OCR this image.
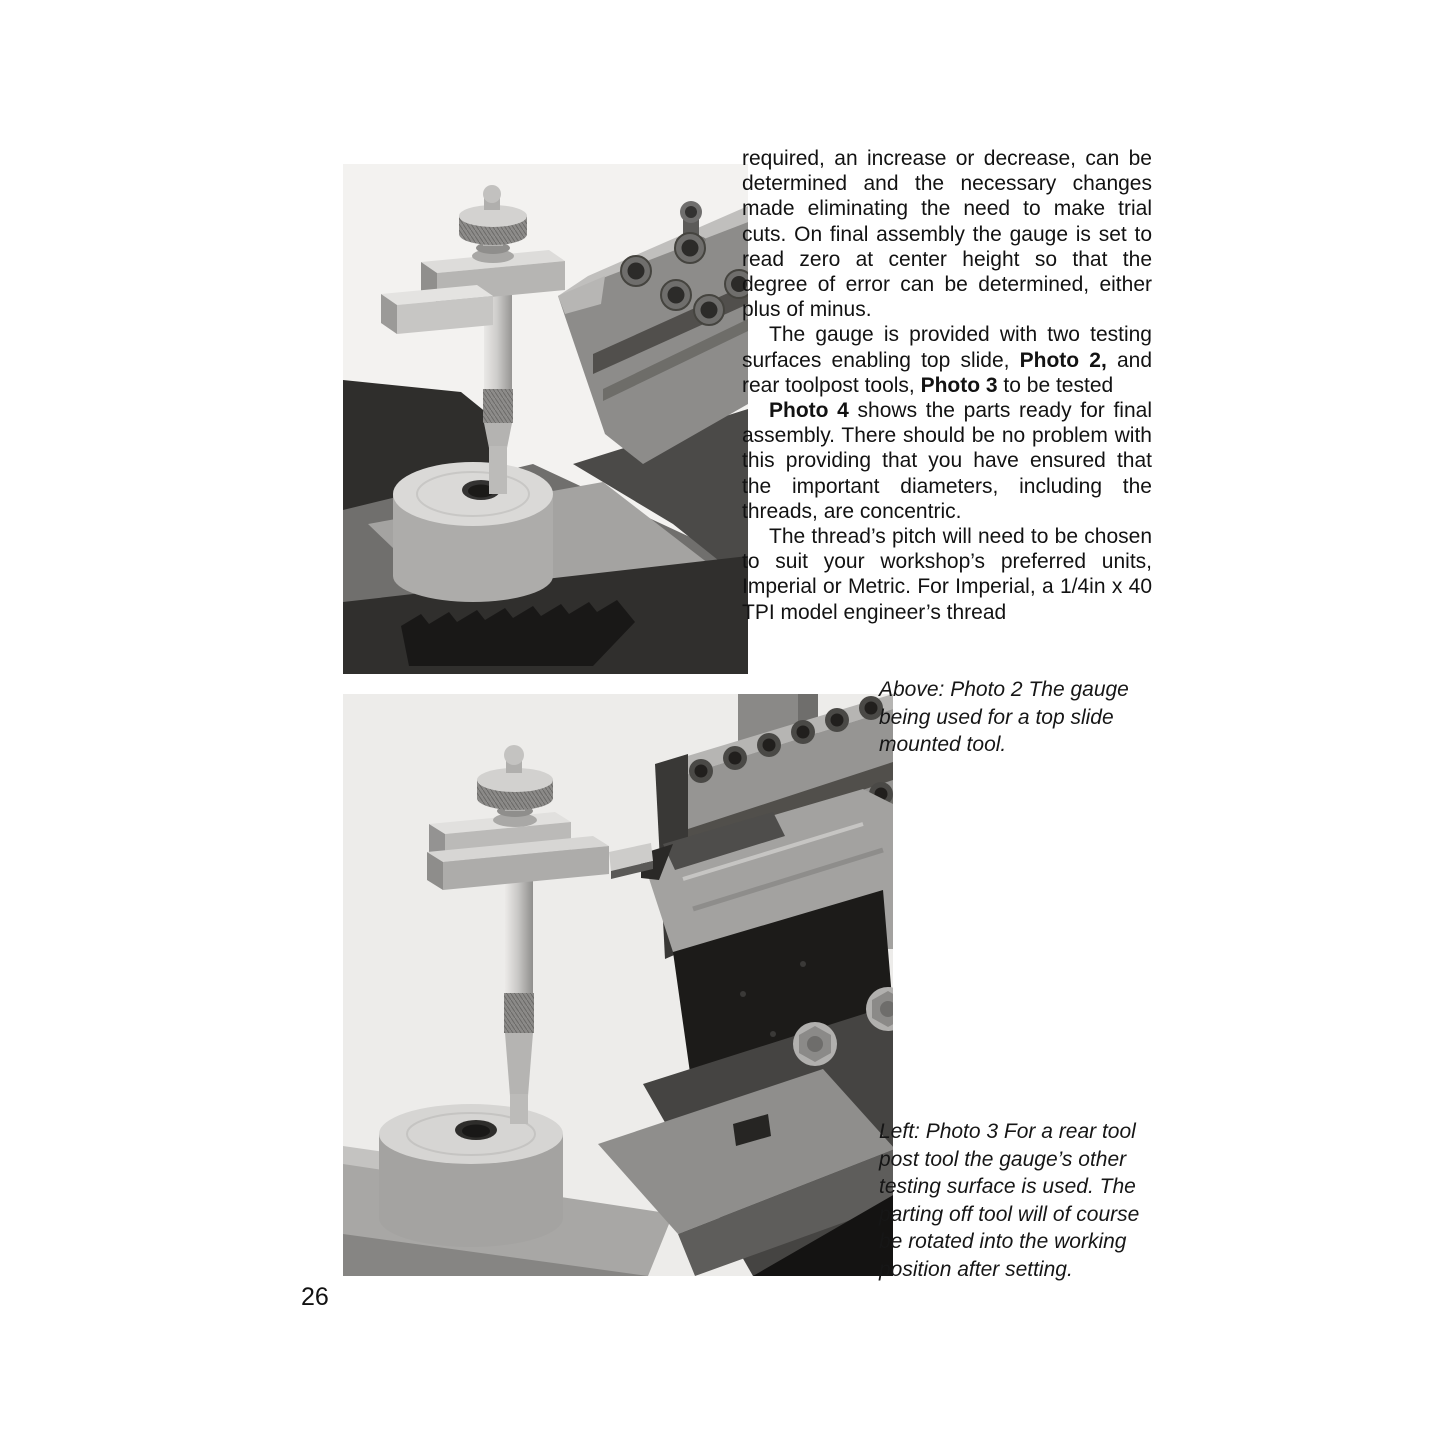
required, an increase or decrease, can be determined and the necessary changes made eliminating the need to make trial cuts. On final assembly the gauge is set to read zero at center height so that the degree of error can be determined, either plus of minus.

The gauge is provided with two testing surfaces enabling top slide, Photo 2, and rear toolpost tools, Photo 3 to be tested

Photo 4 shows the parts ready for final assembly. There should be no problem with this providing that you have ensured that the important diameters, including the threads, are concentric.

The thread’s pitch will need to be chosen to suit your workshop’s preferred units, Imperial or Metric. For Imperial, a 1/4in x 40 TPI model engineer’s thread

Above: Photo 2 The gauge being used for a top slide mounted tool.
Left: Photo 3 For a rear tool post tool the gauge’s other testing surface is used. The parting off tool will of course be rotated into the working position after setting.
26
